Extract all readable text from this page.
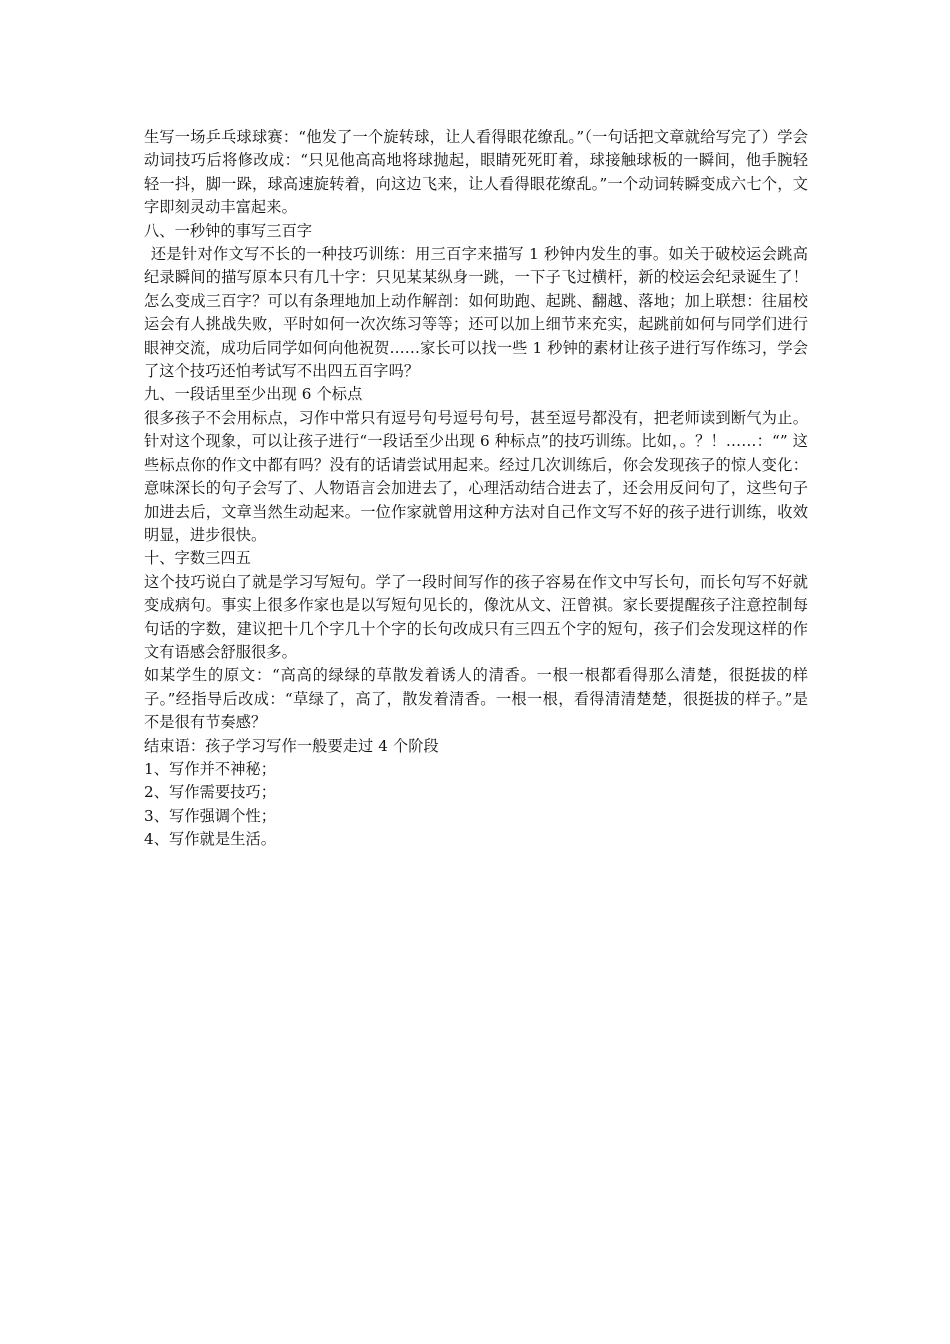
生写一场乒乓球球赛：“他发了一个旋转球，让人看得眼花缭乱。”（一句话把文章就给写完了）学会动词技巧后将修改成：“只见他高高地将球抛起，眼睛死死盯着，球接触球板的一瞬间，他手腕轻轻一抖，脚一跺，球高速旋转着，向这边飞来，让人看得眼花缭乱。”一个动词转瞬变成六七个，文字即刻灵动丰富起来。

八、一秒钟的事写三百字

还是针对作文写不长的一种技巧训练：用三百字来描写 1 秒钟内发生的事。如关于破校运会跳高纪录瞬间的描写原本只有几十字：只见某某纵身一跳，一下子飞过横杆，新的校运会纪录诞生了！怎么变成三百字？可以有条理地加上动作解剖：如何助跑、起跳、翻越、落地；加上联想：往届校运会有人挑战失败，平时如何一次次练习等等；还可以加上细节来充实，起跳前如何与同学们进行眼神交流，成功后同学如何向他祝贺……家长可以找一些 1 秒钟的素材让孩子进行写作练习，学会了这个技巧还怕考试写不出四五百字吗？

九、一段话里至少出现 6 个标点

很多孩子不会用标点，习作中常只有逗号句号逗号句号，甚至逗号都没有，把老师读到断气为止。针对这个现象，可以让孩子进行“一段话至少出现 6 种标点”的技巧训练。比如，。？！……：“” 这些标点你的作文中都有吗？没有的话请尝试用起来。经过几次训练后，你会发现孩子的惊人变化：意味深长的句子会写了、人物语言会加进去了，心理活动结合进去了，还会用反问句了，这些句子加进去后，文章当然生动起来。一位作家就曾用这种方法对自己作文写不好的孩子进行训练，收效明显，进步很快。

十、字数三四五

这个技巧说白了就是学习写短句。学了一段时间写作的孩子容易在作文中写长句，而长句写不好就变成病句。事实上很多作家也是以写短句见长的，像沈从文、汪曾祺。家长要提醒孩子注意控制每句话的字数，建议把十几个字几十个字的长句改成只有三四五个字的短句，孩子们会发现这样的作文有语感会舒服很多。

如某学生的原文：“高高的绿绿的草散发着诱人的清香。一根一根都看得那么清楚，很挺拔的样子。”经指导后改成：“草绿了，高了，散发着清香。一根一根，看得清清楚楚，很挺拔的样子。”是不是很有节奏感？

结束语：孩子学习写作一般要走过 4 个阶段

1、写作并不神秘；

2、写作需要技巧；

3、写作强调个性；

4、写作就是生活。
